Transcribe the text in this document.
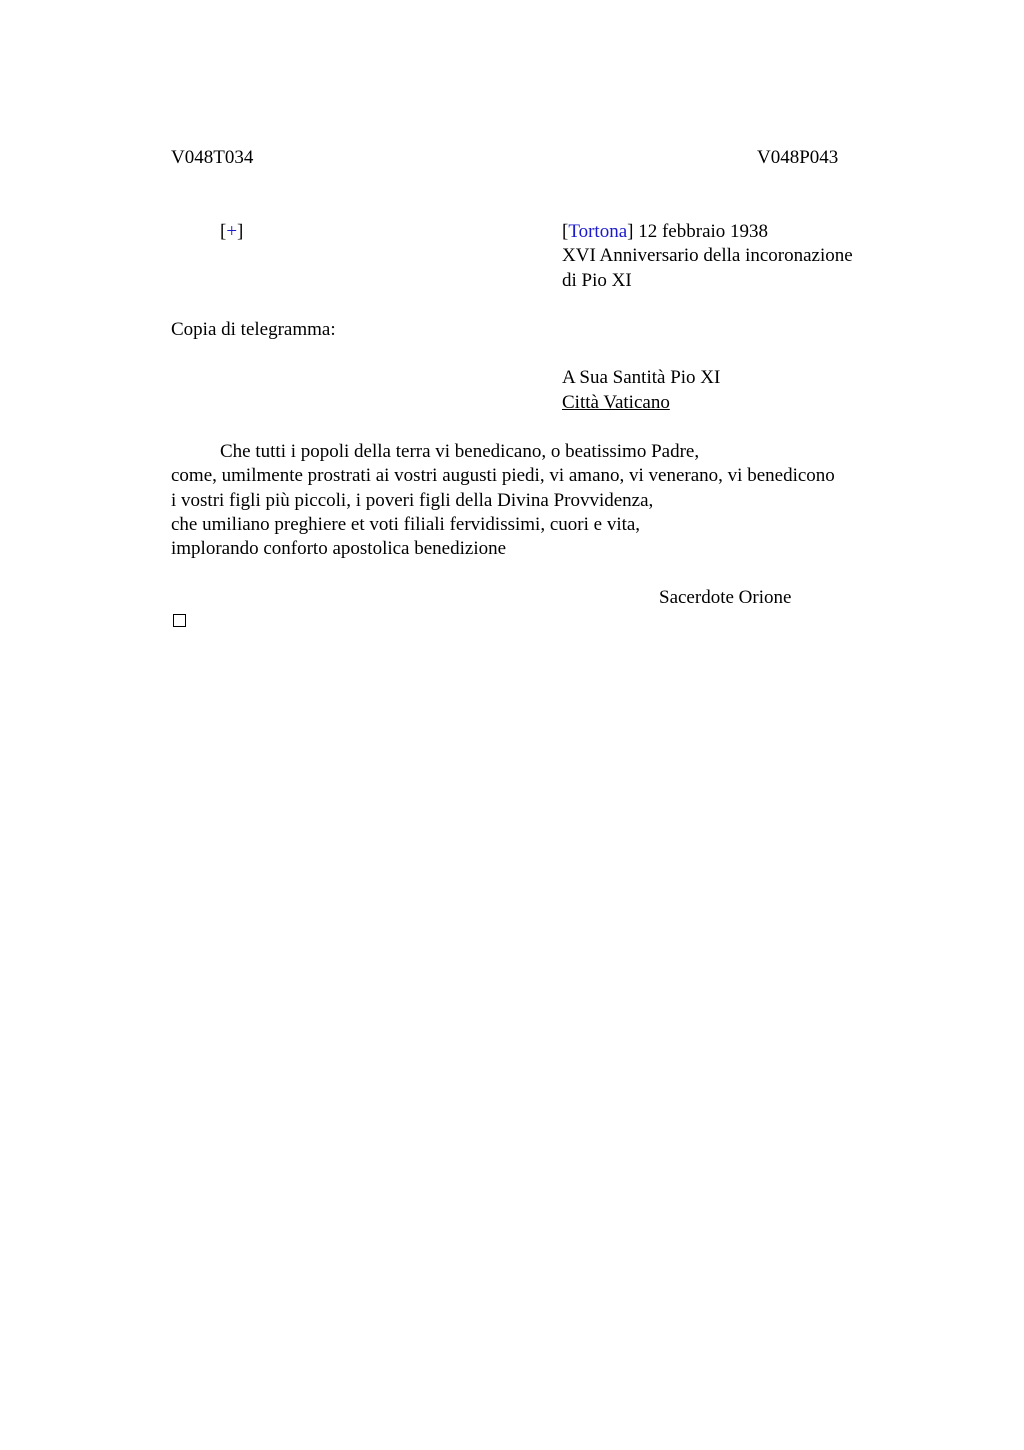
V048T034	V048P043
[+]	[Tortona] 12 febbraio 1938
XVI Anniversario della incoronazione
di Pio XI
Copia di telegramma:
A Sua Santità Pio XI
Città Vaticano
Che tutti i popoli della terra vi benedicano, o beatissimo Padre,
come, umilmente prostrati ai vostri augusti piedi, vi amano, vi venerano, vi benedicono
i vostri figli più piccoli, i poveri figli della Divina Provvidenza,
che umiliano preghiere et voti filiali fervidissimi, cuori e vita,
implorando conforto apostolica benedizione
Sacerdote Orione
